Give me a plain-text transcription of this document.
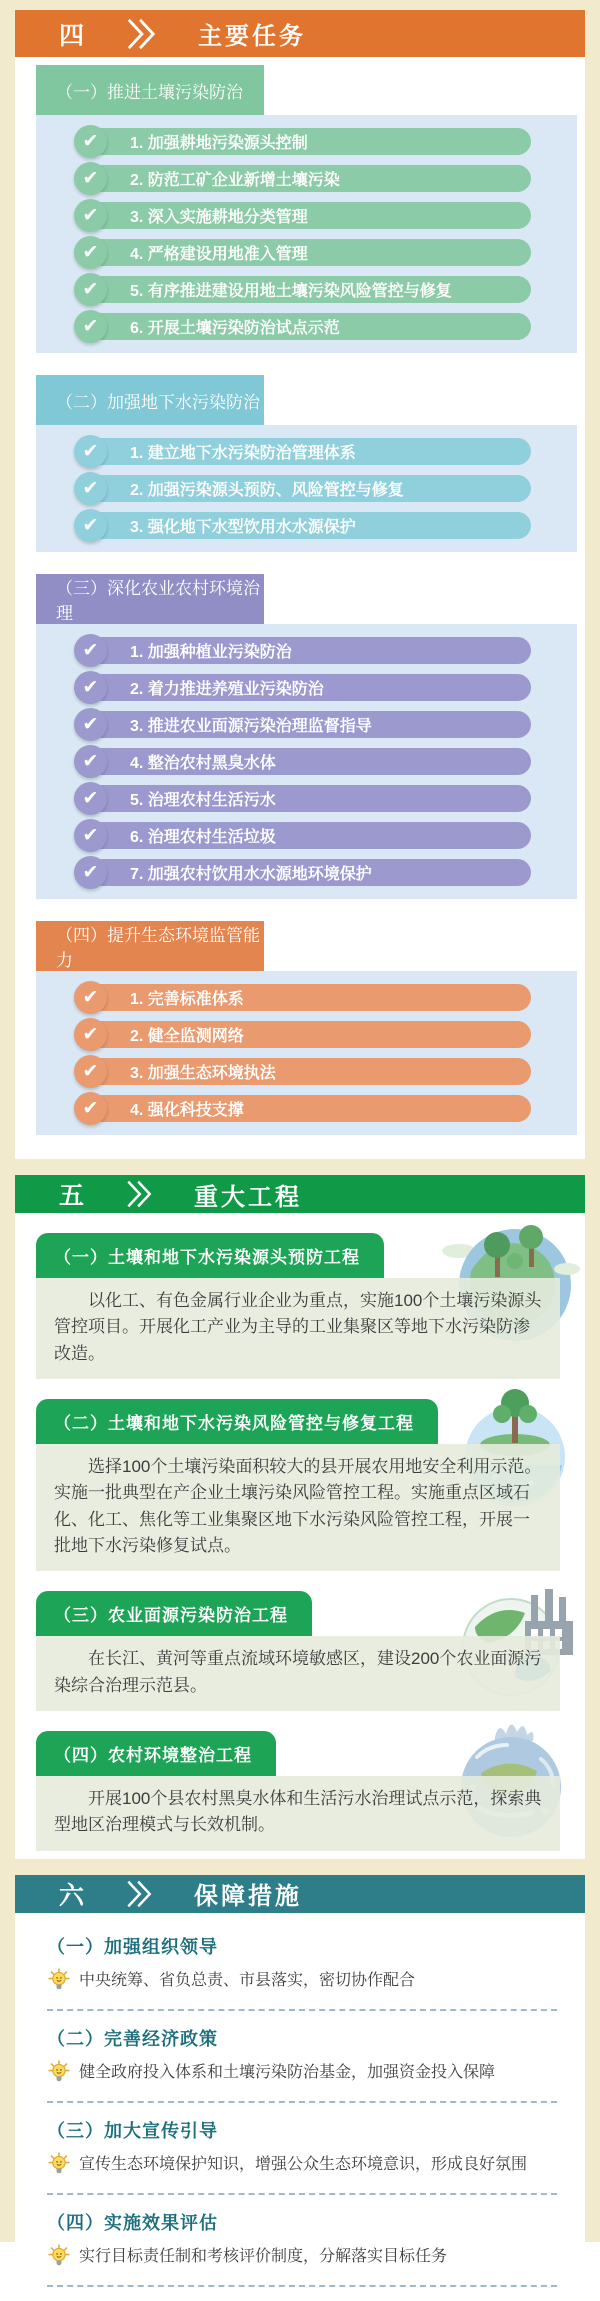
四	主要任务
（一）推进土壤污染防治
✔	1. 加强耕地污染源头控制
✔	2. 防范工矿企业新增土壤污染
✔	3. 深入实施耕地分类管理
✔	4. 严格建设用地准入管理
✔	5. 有序推进建设用地土壤污染风险管控与修复
✔	6. 开展土壤污染防治试点示范
（二）加强地下水污染防治
✔	1. 建立地下水污染防治管理体系
✔	2. 加强污染源头预防、风险管控与修复
✔	3. 强化地下水型饮用水水源保护
（三）深化农业农村环境治理
✔	1. 加强种植业污染防治
✔	2. 着力推进养殖业污染防治
✔	3. 推进农业面源污染治理监督指导
✔	4. 整治农村黑臭水体
✔	5. 治理农村生活污水
✔	6. 治理农村生活垃圾
✔	7. 加强农村饮用水水源地环境保护
（四）提升生态环境监管能力
✔	1. 完善标准体系
✔	2. 健全监测网络
✔	3. 加强生态环境执法
✔	4. 强化科技支撑
五	重大工程
（一）土壤和地下水污染源头预防工程

以化工、有色金属行业企业为重点，实施100个土壤污染源头管控项目。开展化工产业为主导的工业集聚区等地下水污染防渗改造。

（二）土壤和地下水污染风险管控与修复工程

选择100个土壤污染面积较大的县开展农用地安全利用示范。实施一批典型在产企业土壤污染风险管控工程。实施重点区域石化、化工、焦化等工业集聚区地下水污染风险管控工程，开展一批地下水污染修复试点。

（三）农业面源污染防治工程

在长江、黄河等重点流域环境敏感区，建设200个农业面源污染综合治理示范县。

（四）农村环境整治工程

开展100个县农村黑臭水体和生活污水治理试点示范，探索典型地区治理模式与长效机制。

六	保障措施
（一）加强组织领导
中央统筹、省负总责、市县落实，密切协作配合
（二）完善经济政策
健全政府投入体系和土壤污染防治基金，加强资金投入保障
（三）加大宣传引导
宣传生态环境保护知识，增强公众生态环境意识，形成良好氛围
（四）实施效果评估
实行目标责任制和考核评价制度，分解落实目标任务
